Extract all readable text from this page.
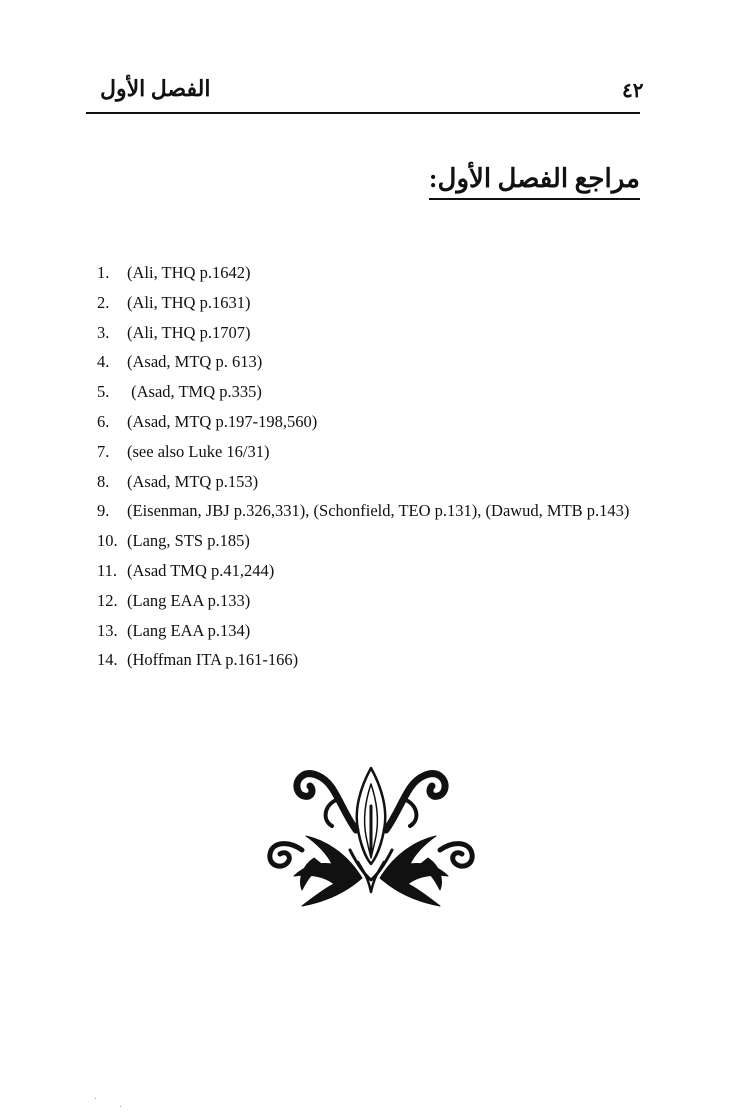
٤٢
الفصل الأول
مراجع الفصل الأول:
1. (Ali, THQ p.1642)
2. (Ali, THQ p.1631)
3. (Ali, THQ p.1707)
4. (Asad, MTQ p. 613)
5. (Asad, TMQ p.335)
6. (Asad, MTQ p.197-198,560)
7. (see also Luke 16/31)
8. (Asad, MTQ p.153)
9. (Eisenman, JBJ p.326,331), (Schonfield, TEO p.131), (Dawud, MTB p.143)
10. (Lang, STS p.185)
11. (Asad TMQ p.41,244)
12. (Lang EAA p.133)
13. (Lang EAA p.134)
14. (Hoffman ITA p.161-166)
